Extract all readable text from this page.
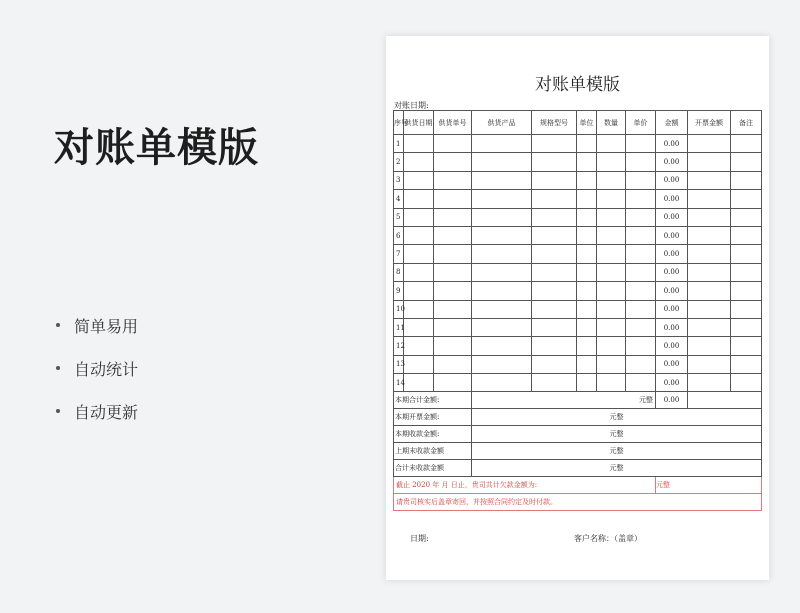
对账单模版
简单易用
自动统计
自动更新
对账单模版
对账日期:
序号	供货日期	供货单号	供货产品	规格型号	单位	数量	单价	金额	开票金额	备注
1								0.00		
2								0.00		
3								0.00		
4								0.00		
5								0.00		
6								0.00		
7								0.00		
8								0.00		
9								0.00		
10								0.00		
11								0.00		
12								0.00		
13								0.00		
14								0.00		
本期合计金额:			元整					0.00		
本期开票金额:			元整							
本期收款金额:			元整							
上期末收款金额			元整							
合计未收款金额			元整							
截止 2020 年 月 日止，贵司共计欠款金额为:								元整		
请贵司核实后盖章寄回，并按照合同约定及时付款。										
日期:	客户名称：（盖章）
